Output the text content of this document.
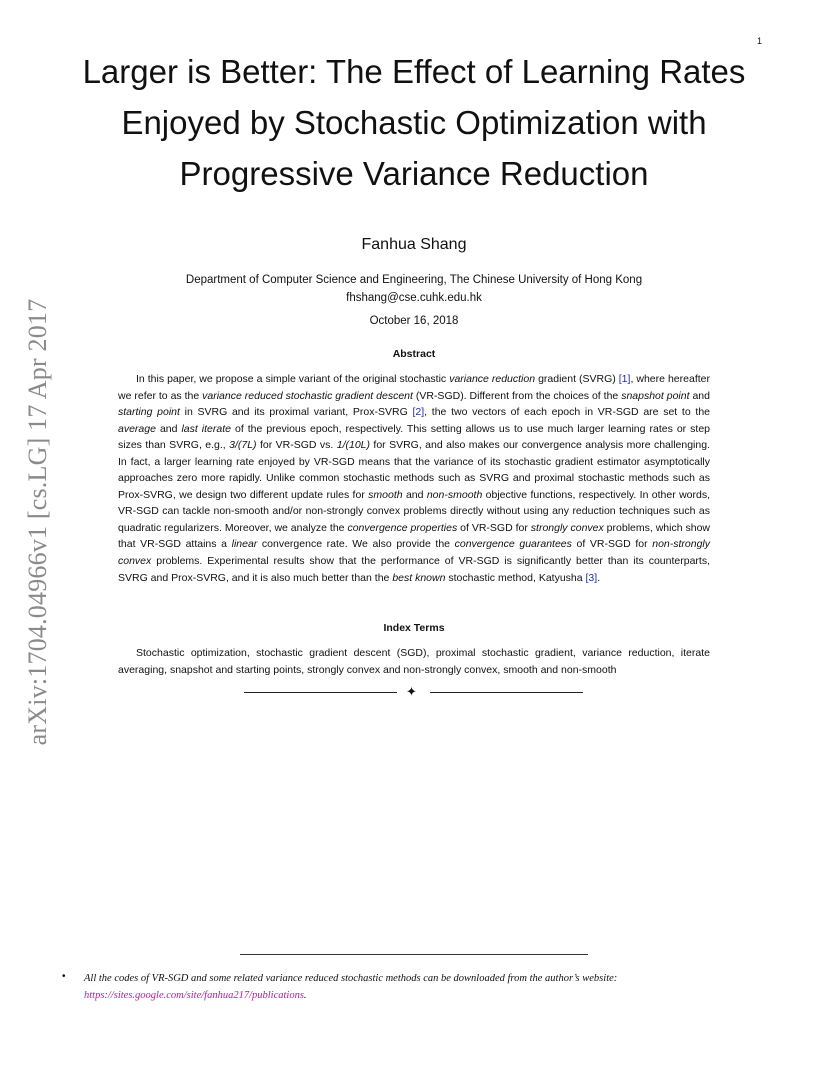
1
arXiv:1704.04966v1 [cs.LG] 17 Apr 2017
Larger is Better: The Effect of Learning Rates Enjoyed by Stochastic Optimization with Progressive Variance Reduction
Fanhua Shang
Department of Computer Science and Engineering, The Chinese University of Hong Kong
fhshang@cse.cuhk.edu.hk
October 16, 2018
Abstract

In this paper, we propose a simple variant of the original stochastic variance reduction gradient (SVRG) [1], where hereafter we refer to as the variance reduced stochastic gradient descent (VR-SGD). Different from the choices of the snapshot point and starting point in SVRG and its proximal variant, Prox-SVRG [2], the two vectors of each epoch in VR-SGD are set to the average and last iterate of the previous epoch, respectively. This setting allows us to use much larger learning rates or step sizes than SVRG, e.g., 3/(7L) for VR-SGD vs. 1/(10L) for SVRG, and also makes our convergence analysis more challenging. In fact, a larger learning rate enjoyed by VR-SGD means that the variance of its stochastic gradient estimator asymptotically approaches zero more rapidly. Unlike common stochastic methods such as SVRG and proximal stochastic methods such as Prox-SVRG, we design two different update rules for smooth and non-smooth objective functions, respectively. In other words, VR-SGD can tackle non-smooth and/or non-strongly convex problems directly without using any reduction techniques such as quadratic regularizers. Moreover, we analyze the convergence properties of VR-SGD for strongly convex problems, which show that VR-SGD attains a linear convergence rate. We also provide the convergence guarantees of VR-SGD for non-strongly convex problems. Experimental results show that the performance of VR-SGD is significantly better than its counterparts, SVRG and Prox-SVRG, and it is also much better than the best known stochastic method, Katyusha [3].

Index Terms

Stochastic optimization, stochastic gradient descent (SGD), proximal stochastic gradient, variance reduction, iterate averaging, snapshot and starting points, strongly convex and non-strongly convex, smooth and non-smooth

✦
• All the codes of VR-SGD and some related variance reduced stochastic methods can be downloaded from the author’s website: https://sites.google.com/site/fanhua217/publications.
